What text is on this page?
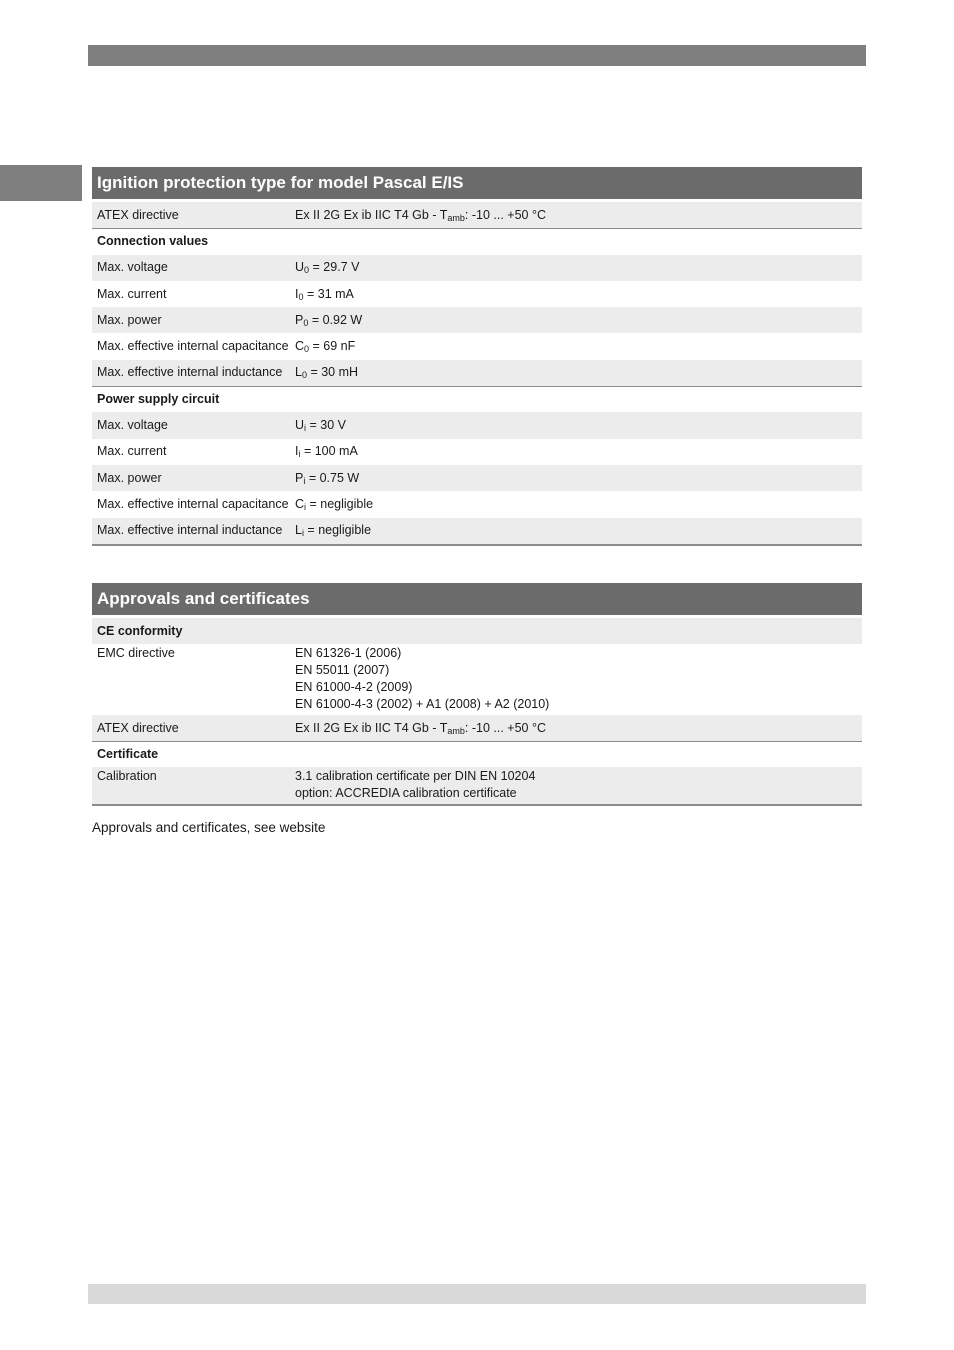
Ignition protection type for model Pascal E/IS
ATEX directive	Ex II 2G Ex ib IIC T4 Gb - $T_{amb}$: -10 ... +50 °C
Connection values
Max. voltage	$U_0 = 29.7$ V
Max. current	$I_0 = 31$ mA
Max. power	$P_0 = 0.92$ W
Max. effective internal capacitance $C_0 = 69$ nF
Max. effective internal inductance	$L_0 = 30$ mH
Power supply circuit
Max. voltage	$U_i = 30$ V
Max. current	$I_i = 100$ mA
Max. power	$P_i = 0.75$ W
Max. effective internal capacitance $C_i$ = negligible
Max. effective internal inductance	$L_i$ = negligible
Approvals and certificates
CE conformity
EMC directive	EN 61326-1 (2006)
EN 55011 (2007)
EN 61000-4-2 (2009)
EN 61000-4-3 (2002) + A1 (2008) + A2 (2010)
ATEX directive	Ex II 2G Ex ib IIC T4 Gb - $T_{amb}$: -10 ... +50 °C
Certificate
Calibration	3.1 calibration certificate per DIN EN 10204
option: ACCREDIA calibration certificate
Approvals and certificates, see website
